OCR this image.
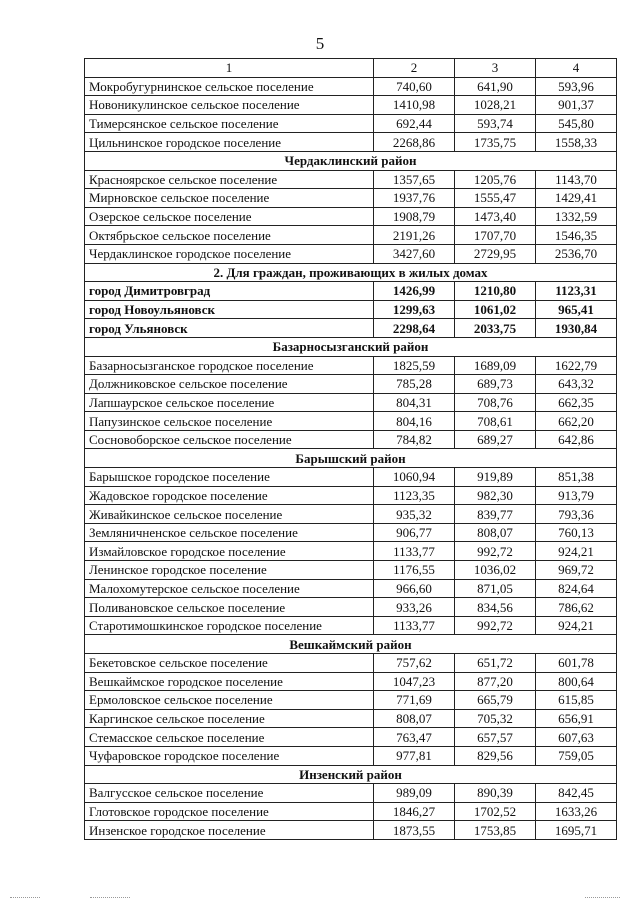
5
1	2	3	4
Мокробугурнинское сельское поселение	740,60	641,90	593,96
Новоникулинское сельское поселение	1410,98	1028,21	901,37
Тимерсянское сельское поселение	692,44	593,74	545,80
Цильнинское городское поселение	2268,86	1735,75	1558,33
Чердаклинский район			
Красноярское сельское поселение	1357,65	1205,76	1143,70
Мирновское сельское поселение	1937,76	1555,47	1429,41
Озерское сельское поселение	1908,79	1473,40	1332,59
Октябрьское сельское поселение	2191,26	1707,70	1546,35
Чердаклинское городское поселение	3427,60	2729,95	2536,70
2. Для граждан, проживающих в жилых домах			
город Димитровград	1426,99	1210,80	1123,31
город Новоульяновск	1299,63	1061,02	965,41
город Ульяновск	2298,64	2033,75	1930,84
Базарносызганский район			
Базарносызганское городское поселение	1825,59	1689,09	1622,79
Должниковское сельское поселение	785,28	689,73	643,32
Лапшаурское сельское поселение	804,31	708,76	662,35
Папузинское сельское поселение	804,16	708,61	662,20
Сосновоборское сельское поселение	784,82	689,27	642,86
Барышский район			
Барышское городское поселение	1060,94	919,89	851,38
Жадовское городское поселение	1123,35	982,30	913,79
Живайкинское сельское поселение	935,32	839,77	793,36
Земляничненское сельское поселение	906,77	808,07	760,13
Измайловское городское поселение	1133,77	992,72	924,21
Ленинское городское поселение	1176,55	1036,02	969,72
Малохомутерское сельское поселение	966,60	871,05	824,64
Поливановское сельское поселение	933,26	834,56	786,62
Старотимошкинское городское поселение	1133,77	992,72	924,21
Вешкаймский район			
Бекетовское сельское поселение	757,62	651,72	601,78
Вешкаймское городское поселение	1047,23	877,20	800,64
Ермоловское сельское поселение	771,69	665,79	615,85
Каргинское сельское поселение	808,07	705,32	656,91
Стемасское сельское поселение	763,47	657,57	607,63
Чуфаровское городское поселение	977,81	829,56	759,05
Инзенский район			
Валгусское сельское поселение	989,09	890,39	842,45
Глотовское городское поселение	1846,27	1702,52	1633,26
Инзенское городское поселение	1873,55	1753,85	1695,71
